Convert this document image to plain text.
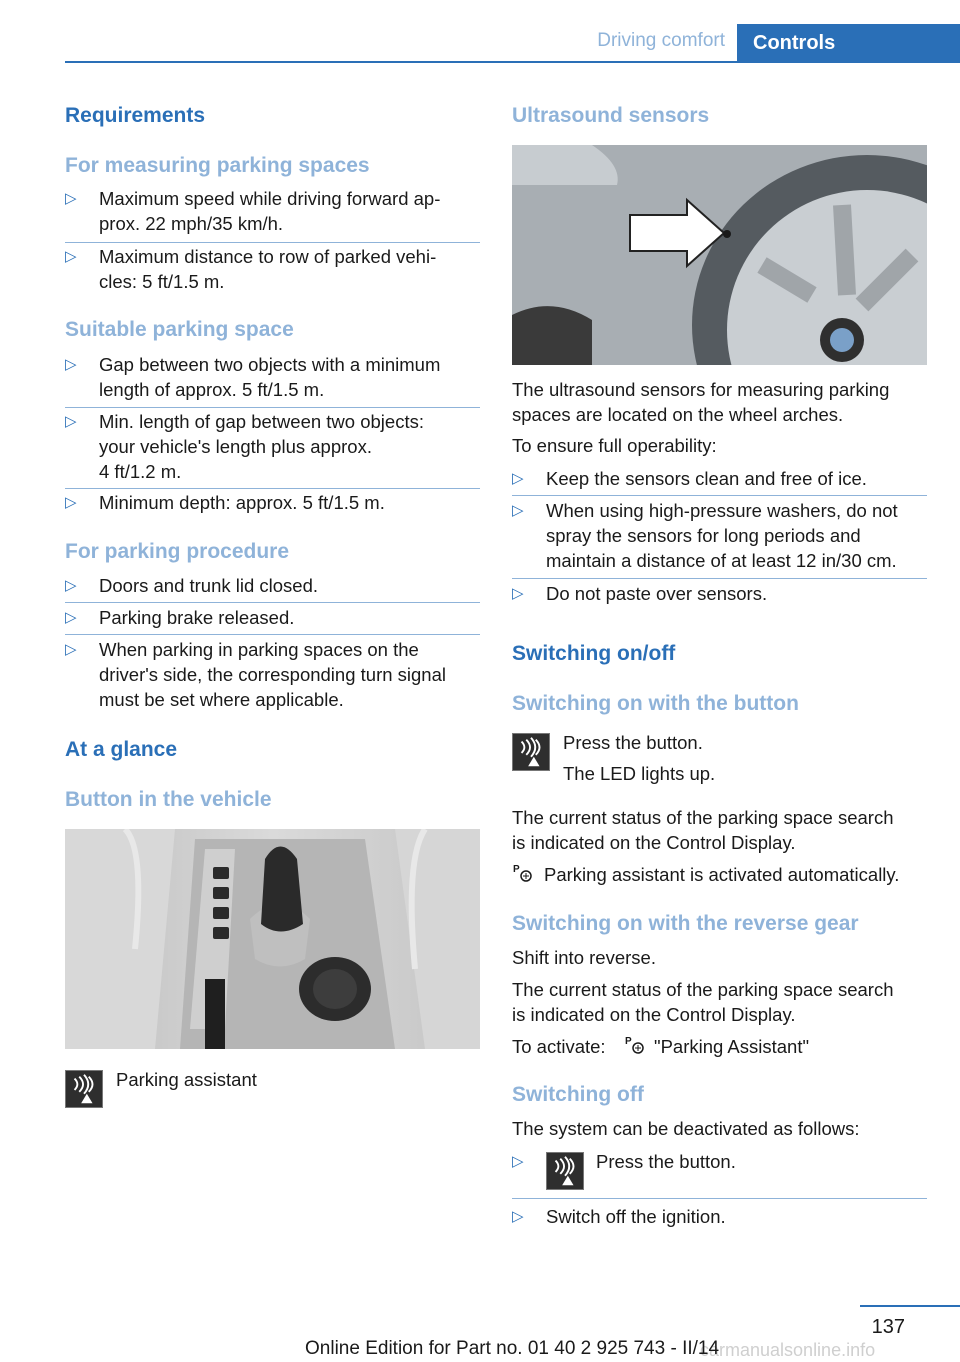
Driving comfort	Controls
Requirements
For measuring parking spaces
▷ Maximum speed while driving forward ap-
prox. 22 mph/35 km/h.
▷ Maximum distance to row of parked vehi-
cles: 5 ft/1.5 m.
Suitable parking space
▷ Gap between two objects with a minimum
length of approx. 5 ft/1.5 m.
▷ Min. length of gap between two objects:
your vehicle's length plus approx.
4 ft/1.2 m.
▷ Minimum depth: approx. 5 ft/1.5 m.
For parking procedure
▷ Doors and trunk lid closed.
▷ Parking brake released.
▷ When parking in parking spaces on the
driver's side, the corresponding turn signal
must be set where applicable.
At a glance
Button in the vehicle
Parking assistant
Ultrasound sensors
The ultrasound sensors for measuring parking
spaces are located on the wheel arches.
To ensure full operability:
▷ Keep the sensors clean and free of ice.
▷ When using high-pressure washers, do not
spray the sensors for long periods and
maintain a distance of at least 12 in/30 cm.
▷ Do not paste over sensors.
Switching on/off
Switching on with the button
Press the button.
The LED lights up.
The current status of the parking space search
is indicated on the Control Display.
P Parking assistant is activated automatically.
Switching on with the reverse gear
Shift into reverse.
The current status of the parking space search
is indicated on the Control Display.
To activate: P "Parking Assistant"
Switching off
The system can be deactivated as follows:
▷	Press the button.
▷ Switch off the ignition.
137
carmanualsonline.info
Online Edition for Part no. 01 40 2 925 743 - II/14
